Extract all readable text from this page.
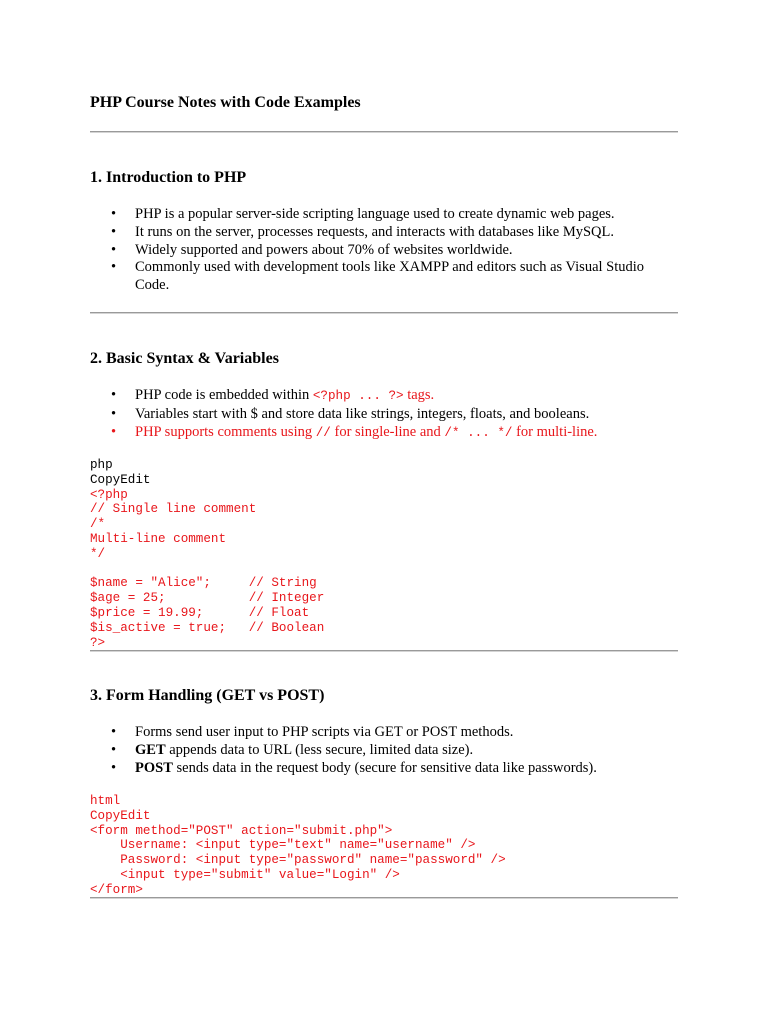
PHP Course Notes with Code Examples
1. Introduction to PHP
• PHP is a popular server-side scripting language used to create dynamic web pages.
• It runs on the server, processes requests, and interacts with databases like MySQL.
• Widely supported and powers about 70% of websites worldwide.
• Commonly used with development tools like XAMPP and editors such as Visual Studio Code.
2. Basic Syntax & Variables
• PHP code is embedded within <?php ... ?> tags.
• Variables start with $ and store data like strings, integers, floats, and booleans.
• PHP supports comments using // for single-line and /* ... */ for multi-line.
php
CopyEdit
<?php
// Single line comment
/*
Multi-line comment
*/
$name = "Alice";     // String
$age = 25;           // Integer
$price = 19.99;      // Float
$is_active = true;   // Boolean
?>
3. Form Handling (GET vs POST)
• Forms send user input to PHP scripts via GET or POST methods.
• GET appends data to URL (less secure, limited data size).
• POST sends data in the request body (secure for sensitive data like passwords).
html
CopyEdit
<form method="POST" action="submit.php">
Username: <input type="text" name="username" />
Password: <input type="password" name="password" />
<input type="submit" value="Login" />
</form>
